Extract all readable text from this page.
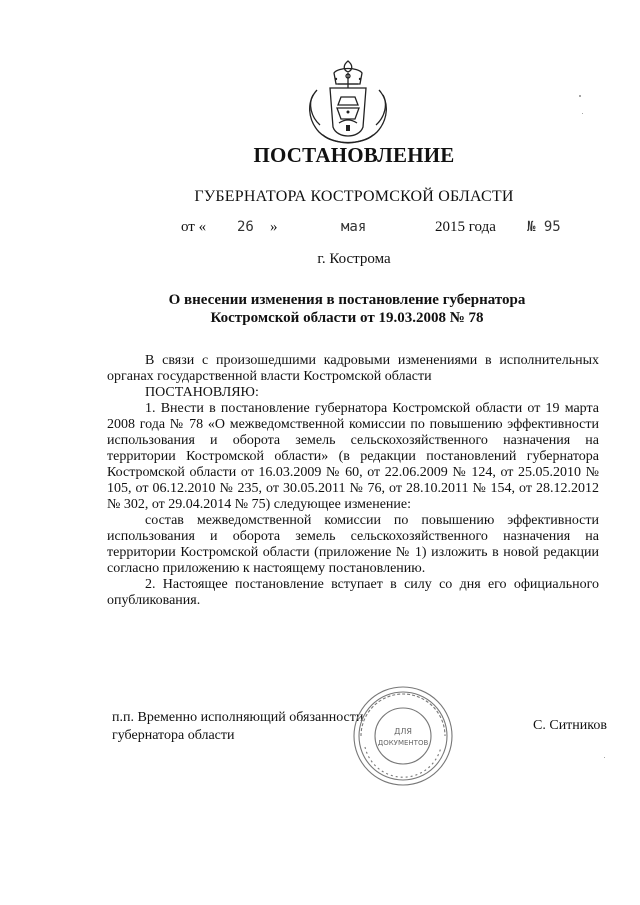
ПОСТАНОВЛЕНИЕ
ГУБЕРНАТОРА КОСТРОМСКОЙ ОБЛАСТИ
от « 26 »	мая	2015 года № 95
г. Кострома
О внесении изменения в постановление губернатора
Костромской области от 19.03.2008 № 78

В связи с произошедшими кадровыми изменениями в исполнительных органах государственной власти Костромской области

ПОСТАНОВЛЯЮ:

1. Внести в постановление губернатора Костромской области от 19 марта 2008 года № 78 «О межведомственной комиссии по повышению эффективности использования и оборота земель сельскохозяйственного назначения на территории Костромской области» (в редакции постановлений губернатора Костромской области от 16.03.2009 № 60, от 22.06.2009 № 124, от 25.05.2010 № 105, от 06.12.2010 № 235, от 30.05.2011 № 76, от 28.10.2011 № 154, от 28.12.2012 № 302, от 29.04.2014 № 75) следующее изменение:

состав межведомственной комиссии по повышению эффективности использования и оборота земель сельскохозяйственного назначения на территории Костромской области (приложение № 1) изложить в новой редакции согласно приложению к настоящему постановлению.

2. Настоящее постановление вступает в силу со дня его официального опубликования.

п.п. Временно исполняющий обязанности
губернатора области
С. Ситников
ДЛЯ
ДОКУМЕНТОВ
